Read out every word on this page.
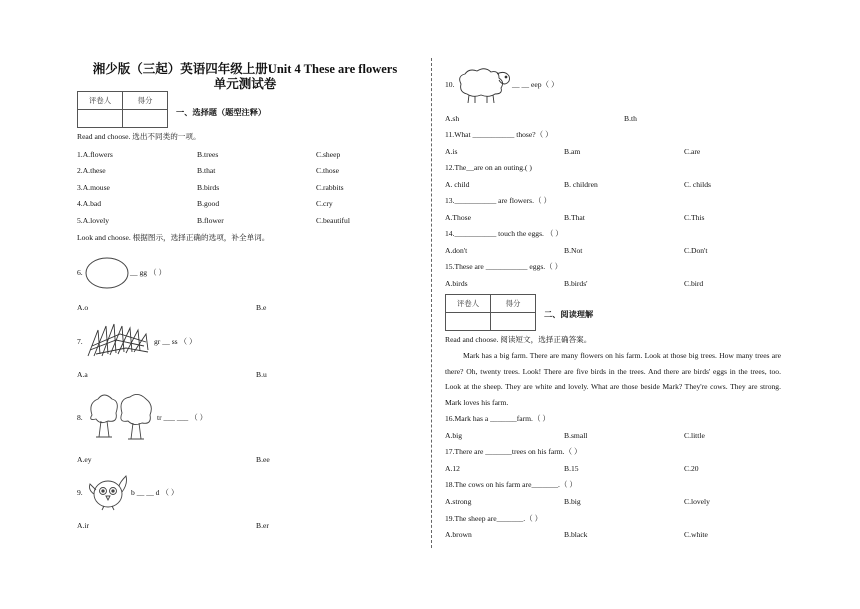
湘少版（三起）英语四年级上册Unit 4 These are flowers
单元测试卷
评卷人	得分

一、选择题（题型注释）
Read and choose. 选出不同类的一项。
1.A.flowers	B.trees	C.sheep
2.A.these	B.that	C.those
3.A.mouse	B.birds	C.rabbits
4.A.bad	B.good	C.cry
5.A.lovely	B.flower	C.beautiful
Look and choose. 根据图示，选择正确的选项，补全单词。
6.	__ gg （ ）
A.o	B.e
7.	gr __ ss （ ）
A.a	B.u
8.	tr ___ ___ （ ）
A.ey	B.ee
9.	b __ __ d （ ）
A.ir	B.er
10.	__ __ eep（ ）
A.sh	B.th
11.What ___________ those?（ ）
A.is	B.am	C.are
12.The__are on an outing.( )
A. child	B. children	C. childs
13.___________ are flowers.（ ）
A.Those	B.That	C.This
14.___________ touch the eggs. （ ）
A.don't	B.Not	C.Don't
15.These are ___________ eggs.（ ）
A.birds	B.birds'	C.bird
评卷人	得分

二、阅读理解
Read and choose. 阅读短文，选择正确答案。
Mark has a big farm. There are many flowers on his farm. Look at those big trees. How many trees are there? Oh, twenty trees. Look! There are five birds in the trees. And there are birds' eggs in the trees, too. Look at the sheep. They are white and lovely. What are those beside Mark? They're cows. They are strong. Mark loves his farm.
16.Mark has a _______farm.（ ）
A.big	B.small	C.little
17.There are _______trees on his farm.（ ）
A.12	B.15	C.20
18.The cows on his farm are_______.（ ）
A.strong	B.big	C.lovely
19.The sheep are_______.（ ）
A.brown	B.black	C.white
